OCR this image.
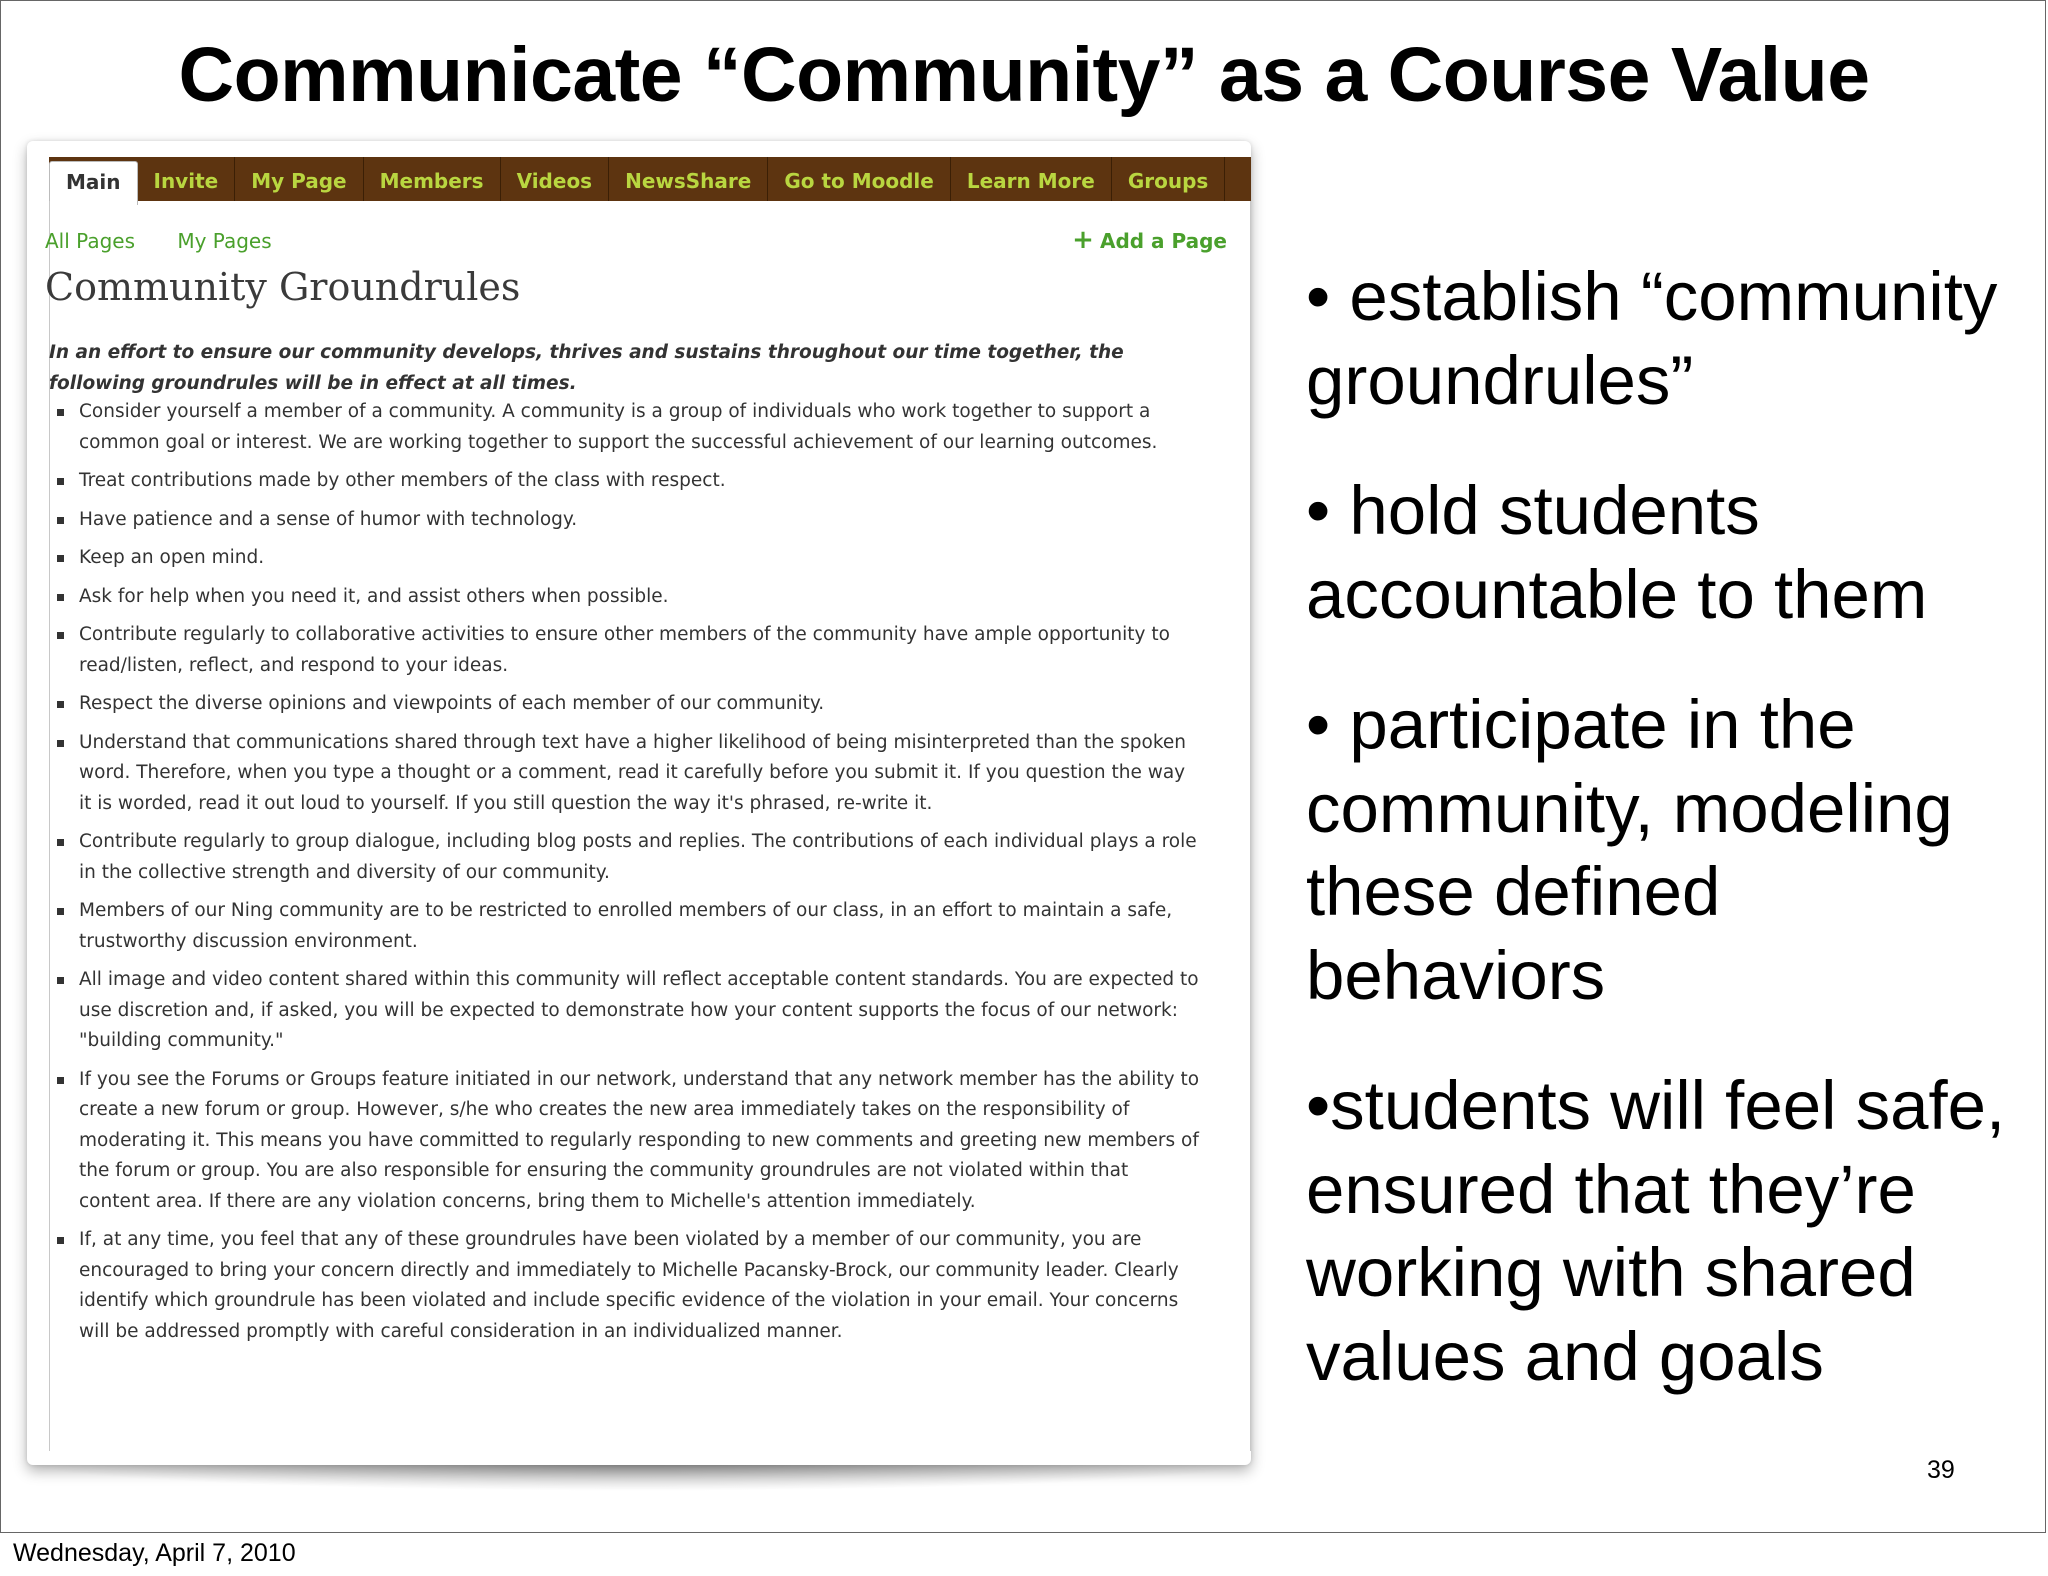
Communicate “Community” as a Course Value
Main	Invite	My Page	Members	Videos	NewsShare	Go to Moodle	Learn More	Groups
All Pages My Pages	+ Add a Page
Community Groundrules
In an effort to ensure our community develops, thrives and sustains throughout our time together, the following groundrules will be in effect at all times.
Consider yourself a member of a community. A community is a group of individuals who work together to support a common goal or interest. We are working together to support the successful achievement of our learning outcomes.
Treat contributions made by other members of the class with respect.
Have patience and a sense of humor with technology.
Keep an open mind.
Ask for help when you need it, and assist others when possible.
Contribute regularly to collaborative activities to ensure other members of the community have ample opportunity to read/listen, reflect, and respond to your ideas.
Respect the diverse opinions and viewpoints of each member of our community.
Understand that communications shared through text have a higher likelihood of being misinterpreted than the spoken word. Therefore, when you type a thought or a comment, read it carefully before you submit it. If you question the way it is worded, read it out loud to yourself. If you still question the way it's phrased, re-write it.
Contribute regularly to group dialogue, including blog posts and replies. The contributions of each individual plays a role in the collective strength and diversity of our community.
Members of our Ning community are to be restricted to enrolled members of our class, in an effort to maintain a safe, trustworthy discussion environment.
All image and video content shared within this community will reflect acceptable content standards. You are expected to use discretion and, if asked, you will be expected to demonstrate how your content supports the focus of our network: "building community."
If you see the Forums or Groups feature initiated in our network, understand that any network member has the ability to create a new forum or group. However, s/he who creates the new area immediately takes on the responsibility of moderating it. This means you have committed to regularly responding to new comments and greeting new members of the forum or group. You are also responsible for ensuring the community groundrules are not violated within that content area. If there are any violation concerns, bring them to Michelle's attention immediately.
If, at any time, you feel that any of these groundrules have been violated by a member of our community, you are encouraged to bring your concern directly and immediately to Michelle Pacansky-Brock, our community leader. Clearly identify which groundrule has been violated and include specific evidence of the violation in your email. Your concerns will be addressed promptly with careful consideration in an individualized manner.
• establish “community groundrules”
• hold students accountable to them
• participate in the community, modeling these defined behaviors
•students will feel safe, ensured that they’re working with shared values and goals
39
Wednesday, April 7, 2010
